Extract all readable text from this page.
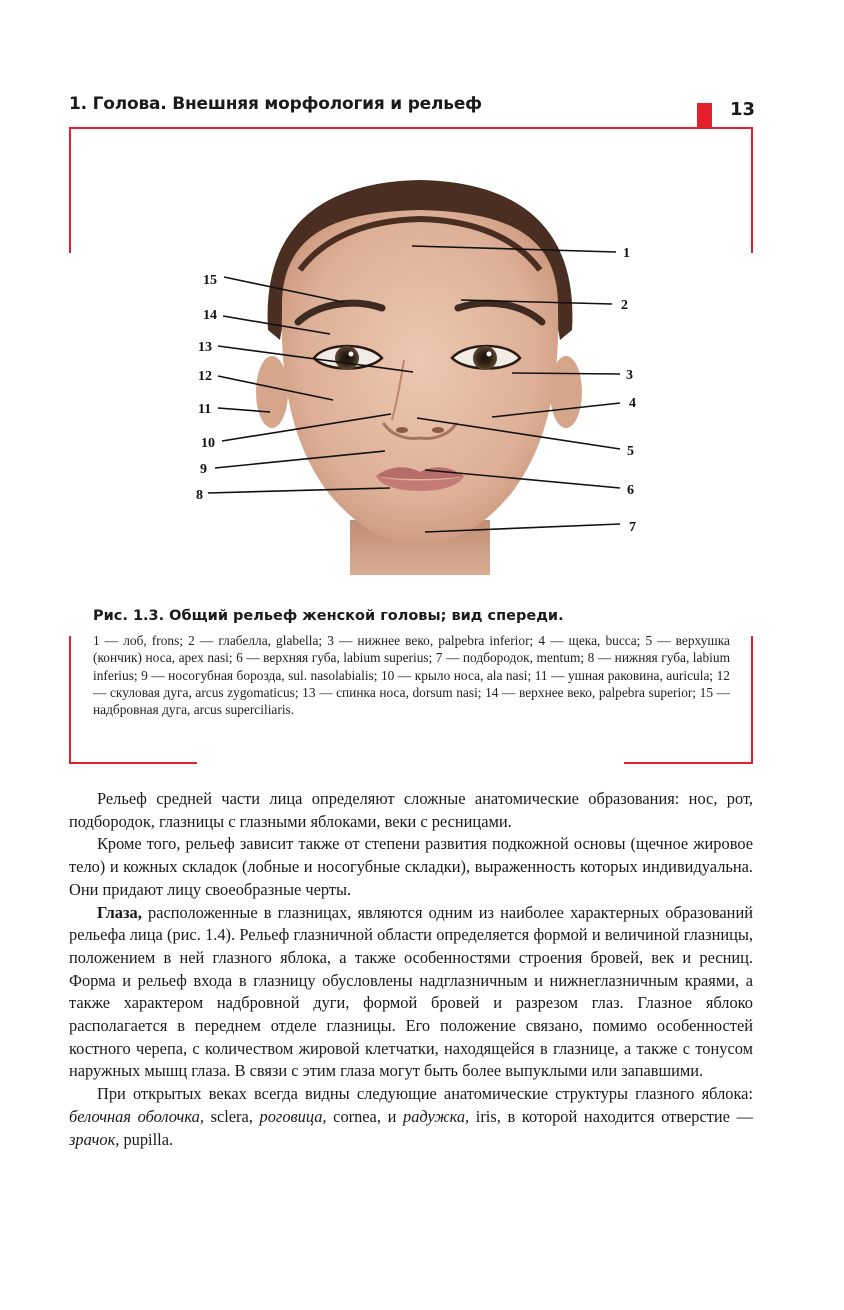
1. Голова. Внешняя морфология и рельеф	13
1
2
3
4
5
6
7
8
9
10
11
12
13
14
15
Рис. 1.3. Общий рельеф женской головы; вид спереди.

1 — лоб, frons; 2 — глабелла, glabella; 3 — нижнее веко, palpebra inferior; 4 — щека, bucca; 5 — верхушка (кончик) носа, apex nasi; 6 — верхняя губа, labium superius; 7 — подбородок, mentum; 8 — нижняя губа, labium inferius; 9 — носогубная борозда, sul. nasolabialis; 10 — крыло носа, ala nasi; 11 — ушная раковина, auricula; 12 — скуловая дуга, arcus zygomaticus; 13 — спинка носа, dorsum nasi; 14 — верхнее веко, palpebra superior; 15 — надбровная дуга, arcus superciliaris.

Рельеф средней части лица определяют сложные анатомические образования: нос, рот, подбородок, глазницы с глазными яблоками, веки с ресницами.

Кроме того, рельеф зависит также от степени развития подкожной основы (щечное жировое тело) и кожных складок (лобные и носогубные складки), выраженность которых индивидуальна. Они придают лицу своеобразные черты.

Глаза, расположенные в глазницах, являются одним из наиболее характерных образований рельефа лица (рис. 1.4). Рельеф глазничной области определяется формой и величиной глазницы, положением в ней глазного яблока, а также особенностями строения бровей, век и ресниц. Форма и рельеф входа в глазницу обусловлены надглазничным и нижнеглазничным краями, а также характером надбровной дуги, формой бровей и разрезом глаз. Глазное яблоко располагается в переднем отделе глазницы. Его положение связано, помимо особенностей костного черепа, с количеством жировой клетчатки, находящейся в глазнице, а также с тонусом наружных мышц глаза. В связи с этим глаза могут быть более выпуклыми или запавшими.

При открытых веках всегда видны следующие анатомические структуры глазного яблока: белочная оболочка, sclera, роговица, cornea, и радужка, iris, в которой находится отверстие — зрачок, pupilla.
